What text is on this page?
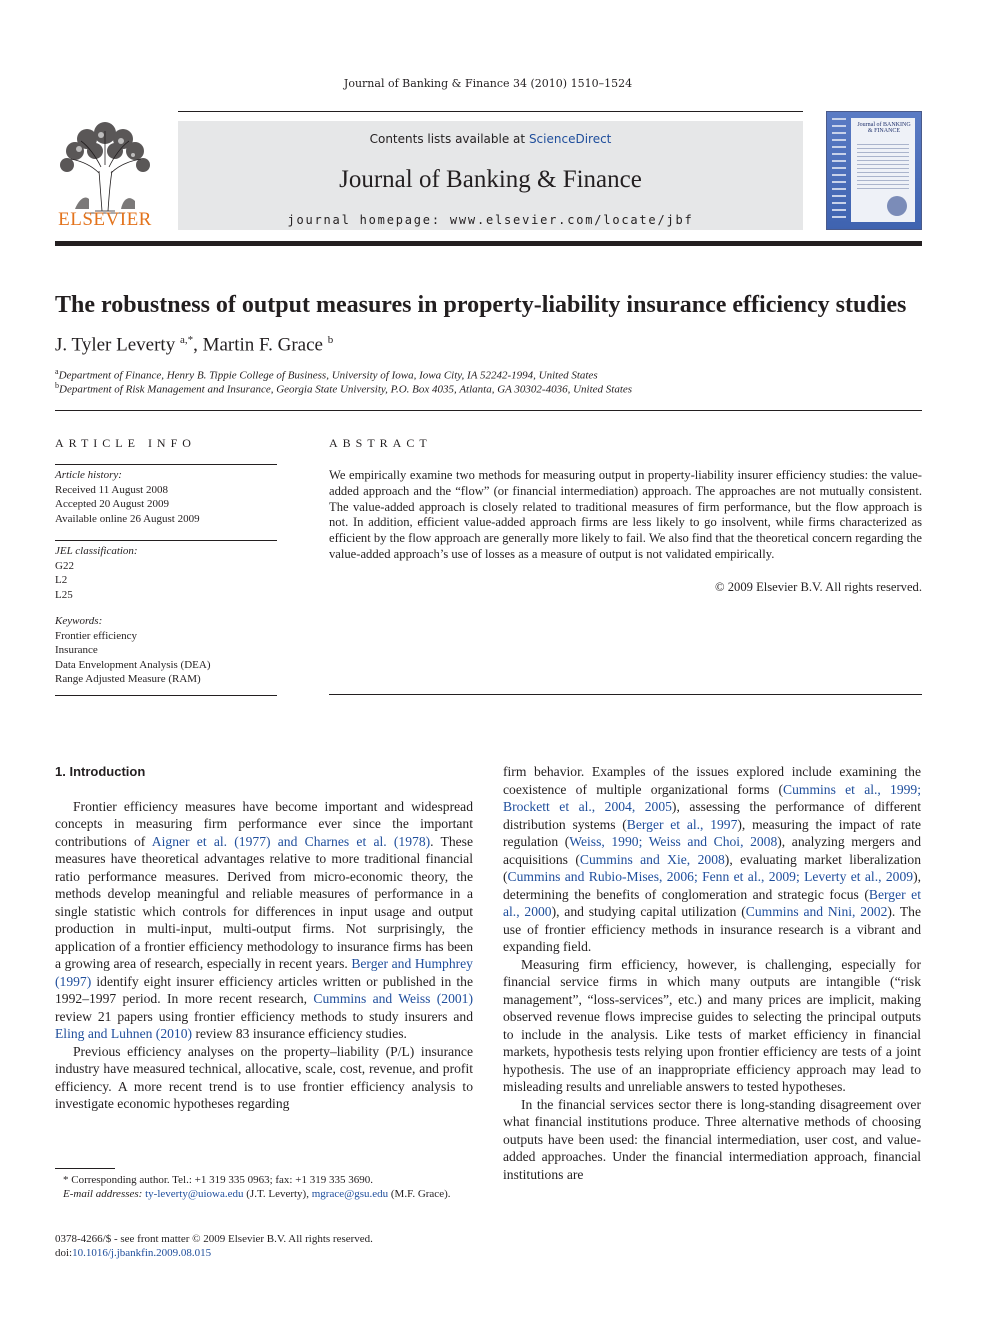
Journal of Banking & Finance 34 (2010) 1510–1524
ELSEVIER
Contents lists available at ScienceDirect
Journal of Banking & Finance
journal homepage: www.elsevier.com/locate/jbf
Journal of BANKING & FINANCE
The robustness of output measures in property-liability insurance efficiency studies
J. Tyler Leverty $^{a,*}$, Martin F. Grace $^b$
$^a$Department of Finance, Henry B. Tippie College of Business, University of Iowa, Iowa City, IA 52242-1994, United States
$^b$Department of Risk Management and Insurance, Georgia State University, P.O. Box 4035, Atlanta, GA 30302-4036, United States
ARTICLE INFO
Article history:
Received 11 August 2008
Accepted 20 August 2009
Available online 26 August 2009
JEL classification:
G22
L2
L25
Keywords:
Frontier efficiency
Insurance
Data Envelopment Analysis (DEA)
Range Adjusted Measure (RAM)
ABSTRACT
We empirically examine two methods for measuring output in property-liability insurer efficiency studies: the value-added approach and the “flow” (or financial intermediation) approach. The approaches are not mutually consistent. The value-added approach is closely related to traditional measures of firm performance, but the flow approach is not. In addition, efficient value-added approach firms are less likely to go insolvent, while firms characterized as efficient by the flow approach are generally more likely to fail. We also find that the theoretical concern regarding the value-added approach’s use of losses as a measure of output is not validated empirically.
© 2009 Elsevier B.V. All rights reserved.
1. Introduction

Frontier efficiency measures have become important and widespread concepts in measuring firm performance ever since the important contributions of Aigner et al. (1977) and Charnes et al. (1978). These measures have theoretical advantages relative to more traditional financial ratio performance measures. Derived from micro-economic theory, the methods develop meaningful and reliable measures of performance in a single statistic which controls for differences in input usage and output production in multi-input, multi-output firms. Not surprisingly, the application of a frontier efficiency methodology to insurance firms has been a growing area of research, especially in recent years. Berger and Humphrey (1997) identify eight insurer efficiency articles written or published in the 1992–1997 period. In more recent research, Cummins and Weiss (2001) review 21 papers using frontier efficiency methods to study insurers and Eling and Luhnen (2010) review 83 insurance efficiency studies.

Previous efficiency analyses on the property–liability (P/L) insurance industry have measured technical, allocative, scale, cost, revenue, and profit efficiency. A more recent trend is to use frontier efficiency analysis to investigate economic hypotheses regarding

firm behavior. Examples of the issues explored include examining the coexistence of multiple organizational forms (Cummins et al., 1999; Brockett et al., 2004, 2005), assessing the performance of different distribution systems (Berger et al., 1997), measuring the impact of rate regulation (Weiss, 1990; Weiss and Choi, 2008), analyzing mergers and acquisitions (Cummins and Xie, 2008), evaluating market liberalization (Cummins and Rubio-Mises, 2006; Fenn et al., 2009; Leverty et al., 2009), determining the benefits of conglomeration and strategic focus (Berger et al., 2000), and studying capital utilization (Cummins and Nini, 2002). The use of frontier efficiency methods in insurance research is a vibrant and expanding field.

Measuring firm efficiency, however, is challenging, especially for financial service firms in which many outputs are intangible (“risk management”, “loss-services”, etc.) and many prices are implicit, making observed revenue flows imprecise guides to selecting the principal outputs to include in the analysis. Like tests of market efficiency in financial markets, hypothesis tests relying upon frontier efficiency are tests of a joint hypothesis. The use of an inappropriate efficiency approach may lead to misleading results and unreliable answers to tested hypotheses.

In the financial services sector there is long-standing disagreement over what financial institutions produce. Three alternative methods of choosing outputs have been used: the financial intermediation, user cost, and value-added approaches. Under the financial intermediation approach, financial institutions are

* Corresponding author. Tel.: +1 319 335 0963; fax: +1 319 335 3690.
E-mail addresses: ty-leverty@uiowa.edu (J.T. Leverty), mgrace@gsu.edu (M.F. Grace).
0378-4266/$ - see front matter © 2009 Elsevier B.V. All rights reserved.
doi:10.1016/j.jbankfin.2009.08.015
